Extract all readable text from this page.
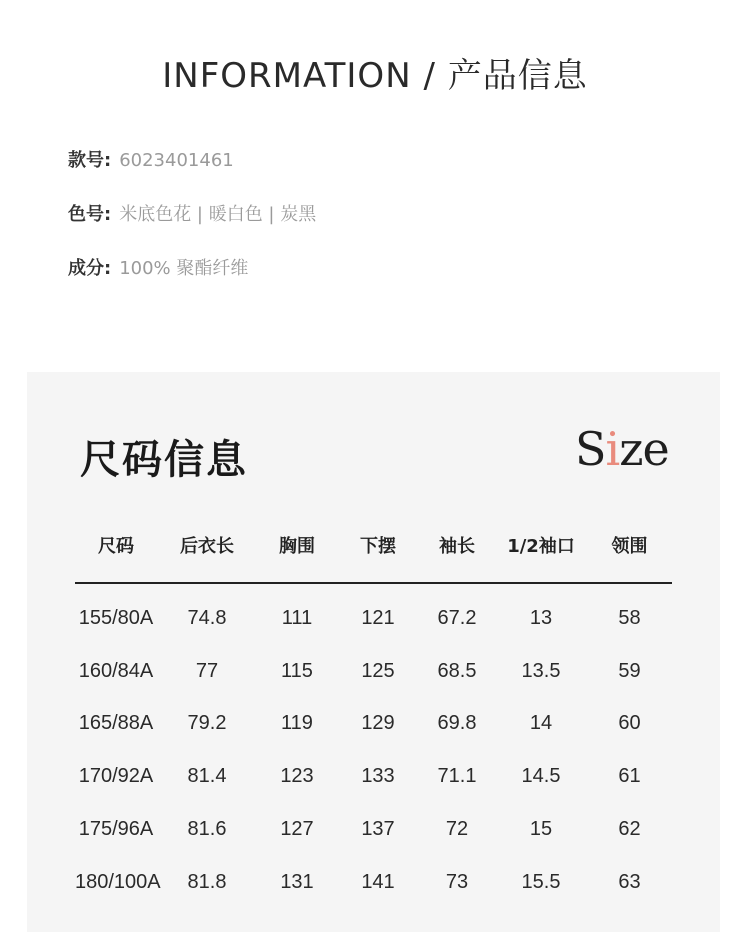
INFORMATION / 产品信息
款号: 6023401461
色号: 米底色花 | 暖白色 | 炭黑
成分: 100% 聚酯纤维
尺码信息	Size
尺码	后衣长	胸围	下摆	袖长	1/2袖口	领围
155/80A	74.8	111	121	67.2	13	58
160/84A	77	115	125	68.5	13.5	59
165/88A	79.2	119	129	69.8	14	60
170/92A	81.4	123	133	71.1	14.5	61
175/96A	81.6	127	137	72	15	62
180/100A	81.8	131	141	73	15.5	63
